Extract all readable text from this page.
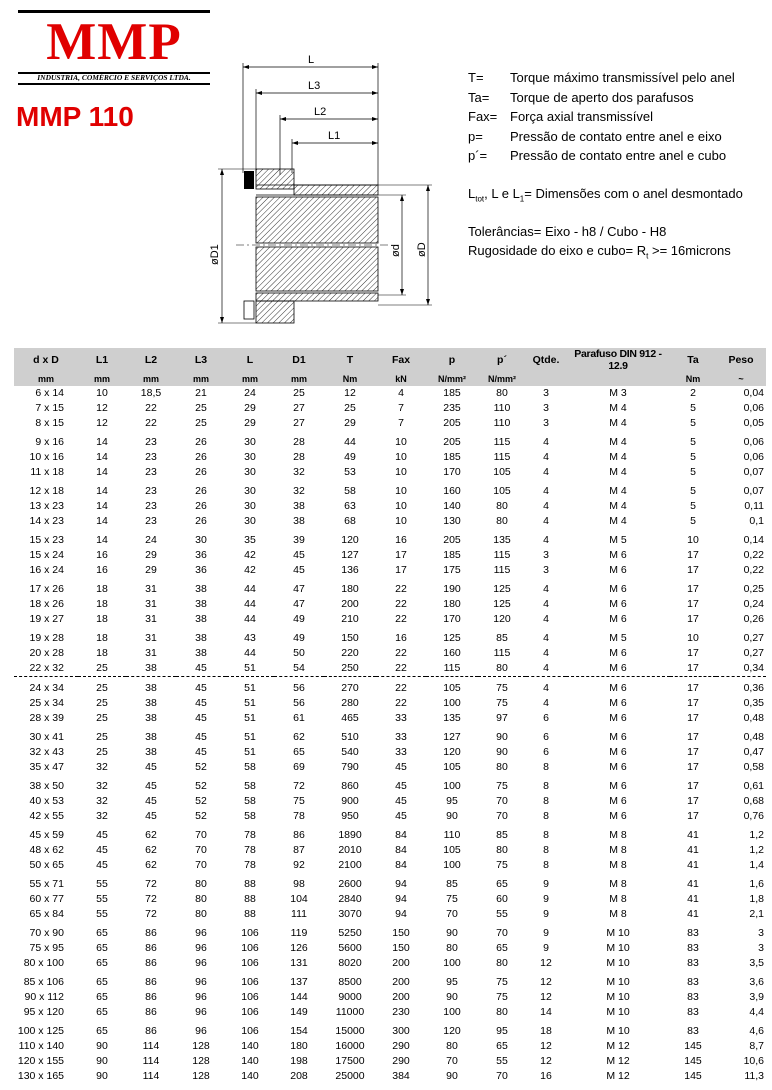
MMP
INDUSTRIA, COMÉRCIO E SERVIÇOS LTDA.
MMP 110
L
L3
L2
L1
øD1	ød øD
T= Torque máximo transmissível pelo anel
Ta= Torque de aperto dos parafusos
Fax= Força axial transmissível
p= Pressão de contato entre anel e eixo
p´= Pressão de contato entre anel e cubo
$L_{tot}$, L e $L_1=$ Dimensões com o anel desmontado
Tolerâncias= Eixo - h8 / Cubo - H8
Rugosidade do eixo e cubo= $R_t$ >= 16microns
d x D	L1	L2	L3	L	D1	T	Fax	p	p´	Qtde.	Parafuso DIN 912 - 12.9	Ta	Peso
mm	mm	mm	mm	mm	mm	Nm	kN	N/mm²	N/mm²			Nm	~
6 x 14	10	18,5	21	24	25	12	4	185	80	3	M 3	2	0,04
7 x 15	12	22	25	29	27	25	7	235	110	3	M 4	5	0,06
8 x 15	12	22	25	29	27	29	7	205	110	3	M 4	5	0,05
9 x 16	14	23	26	30	28	44	10	205	115	4	M 4	5	0,06
10 x 16	14	23	26	30	28	49	10	185	115	4	M 4	5	0,06
11 x 18	14	23	26	30	32	53	10	170	105	4	M 4	5	0,07
12 x 18	14	23	26	30	32	58	10	160	105	4	M 4	5	0,07
13 x 23	14	23	26	30	38	63	10	140	80	4	M 4	5	0,11
14 x 23	14	23	26	30	38	68	10	130	80	4	M 4	5	0,1
15 x 23	14	24	30	35	39	120	16	205	135	4	M 5	10	0,14
15 x 24	16	29	36	42	45	127	17	185	115	3	M 6	17	0,22
16 x 24	16	29	36	42	45	136	17	175	115	3	M 6	17	0,22
17 x 26	18	31	38	44	47	180	22	190	125	4	M 6	17	0,25
18 x 26	18	31	38	44	47	200	22	180	125	4	M 6	17	0,24
19 x 27	18	31	38	44	49	210	22	170	120	4	M 6	17	0,26
19 x 28	18	31	38	43	49	150	16	125	85	4	M 5	10	0,27
20 x 28	18	31	38	44	50	220	22	160	115	4	M 6	17	0,27
22 x 32	25	38	45	51	54	250	22	115	80	4	M 6	17	0,34
24 x 34	25	38	45	51	56	270	22	105	75	4	M 6	17	0,36
25 x 34	25	38	45	51	56	280	22	100	75	4	M 6	17	0,35
28 x 39	25	38	45	51	61	465	33	135	97	6	M 6	17	0,48
30 x 41	25	38	45	51	62	510	33	127	90	6	M 6	17	0,48
32 x 43	25	38	45	51	65	540	33	120	90	6	M 6	17	0,47
35 x 47	32	45	52	58	69	790	45	105	80	8	M 6	17	0,58
38 x 50	32	45	52	58	72	860	45	100	75	8	M 6	17	0,61
40 x 53	32	45	52	58	75	900	45	95	70	8	M 6	17	0,68
42 x 55	32	45	52	58	78	950	45	90	70	8	M 6	17	0,76
45 x 59	45	62	70	78	86	1890	84	110	85	8	M 8	41	1,2
48 x 62	45	62	70	78	87	2010	84	105	80	8	M 8	41	1,2
50 x 65	45	62	70	78	92	2100	84	100	75	8	M 8	41	1,4
55 x 71	55	72	80	88	98	2600	94	85	65	9	M 8	41	1,6
60 x 77	55	72	80	88	104	2840	94	75	60	9	M 8	41	1,8
65 x 84	55	72	80	88	111	3070	94	70	55	9	M 8	41	2,1
70 x 90	65	86	96	106	119	5250	150	90	70	9	M 10	83	3
75 x 95	65	86	96	106	126	5600	150	80	65	9	M 10	83	3
80 x 100	65	86	96	106	131	8020	200	100	80	12	M 10	83	3,5
85 x 106	65	86	96	106	137	8500	200	95	75	12	M 10	83	3,6
90 x 112	65	86	96	106	144	9000	200	90	75	12	M 10	83	3,9
95 x 120	65	86	96	106	149	11000	230	100	80	14	M 10	83	4,4
100 x 125	65	86	96	106	154	15000	300	120	95	18	M 10	83	4,6
110 x 140	90	114	128	140	180	16000	290	80	65	12	M 12	145	8,7
120 x 155	90	114	128	140	198	17500	290	70	55	12	M 12	145	10,6
130 x 165	90	114	128	140	208	25000	384	90	70	16	M 12	145	11,3
